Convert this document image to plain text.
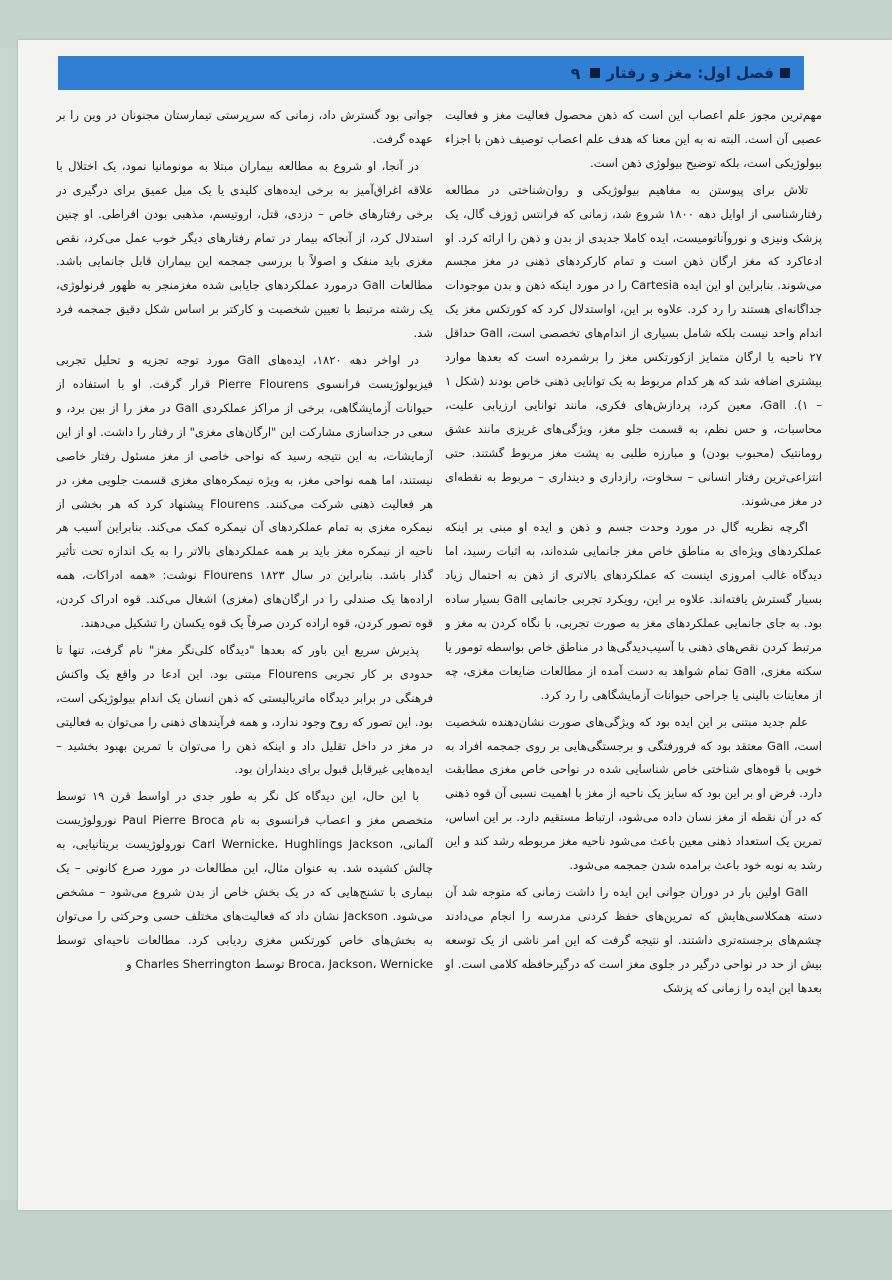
فصل اول: مغز و رفتار
۹

مهم‌ترین مجوز علم اعصاب این است که ذهن محصول فعالیت مغز و فعالیت عصبی آن است. البته نه به این معنا که هدف علم اعصاب توصیف ذهن با اجزاء بیولوژیکی است، بلکه توضیح بیولوژی ذهن است.

تلاش برای پیوستن به مفاهیم بیولوژیکی و روان‌شناختی در مطالعه رفتارشناسی از اوایل دهه ۱۸۰۰ شروع شد، زمانی که فرانتس ژوزف گال، یک پزشک ونیزی و نوروآناتومیست، ایده کاملا جدیدی از بدن و ذهن را ارائه کرد. او ادعاکرد که مغز ارگان ذهن است و تمام کارکردهای ذهنی در مغز مجسم می‌شوند. بنابراین او این ایده Cartesia را در مورد اینکه ذهن و بدن موجودات جداگانه‌ای هستند را رد کرد. علاوه بر این، اواستدلال کرد که کورتکس مغز یک اندام واحد نیست بلکه شامل بسیاری از اندام‌های تخصصی است، Gall حداقل ۲۷ ناحیه یا ارگان متمایز ازکورتکس مغز را برشمرده است که بعدها موارد بیشتری اضافه شد که هر کدام مربوط به یک توانایی ذهنی خاص بودند (شکل ۱ – ۱). Gall، معین کرد، پردازش‌های فکری، مانند توانایی ارزیابی علیت، محاسبات، و حس نظم، به قسمت جلو مغز، ویژگی‌های غریزی مانند عشق رومانتیک (محبوب بودن) و مبارزه طلبی به پشت مغز مربوط گشتند. حتی انتزاعی‌ترین رفتار انسانی – سخاوت، رازداری و دینداری – مربوط به نقطه‌ای در مغز می‌شوند.

اگرچه نظریه گال در مورد وحدت جسم و ذهن و ایده او مبنی بر اینکه عملکردهای ویژه‌ای به مناطق خاص مغز جانمایی شده‌اند، به اثبات رسید، اما دیدگاه غالب امروزی اینست که عملکردهای بالاتری از ذهن به احتمال زیاد بسیار گسترش یافته‌اند. علاوه بر این، رویکرد تجربی جانمایی Gall بسیار ساده بود. به جای جانمایی عملکردهای مغز به صورت تجربی، با نگاه کردن به مغز و مرتبط کردن نقص‌های ذهنی با آسیب‌دیدگی‌ها در مناطق خاص بواسطه تومور یا سکته مغزی، Gall تمام شواهد به دست آمده از مطالعات ضایعات مغزی، چه از معاینات بالینی یا جراحی حیوانات آزمایشگاهی را رد کرد.

علم جدید مبتنی بر این ایده بود که ویژگی‌های صورت نشان‌دهنده شخصیت است، Gall معتقد بود که فرورفتگی و برجستگی‌هایی بر روی جمجمه افراد به خوبی با قوه‌های شناختی خاص شناسایی شده در نواحی خاص مغزی مطابقت دارد. فرض او بر این بود که سایز یک ناحیه از مغز با اهمیت نسبی آن قوه ذهنی که در آن نقطه از مغز نسان داده می‌شود، ارتباط مستقیم دارد. بر این اساس، تمرین یک استعداد ذهنی معین باعث می‌شود ناحیه مغز مربوطه رشد کند و این رشد به نوبه خود باعث برامده شدن جمجمه می‌شود.

Gall اولین بار در دوران جوانی این ایده را داشت زمانی که متوجه شد آن دسته همکلاسی‌هایش که تمرین‌های حفظ کردنی مدرسه را انجام می‌دادند چشم‌های برجسته‌تری داشتند. او نتیجه گرفت که این امر ناشی از یک توسعه بیش از حد در نواحی درگیر در جلوی مغز است که درگیرحافظه کلامی است. او بعدها این ایده را زمانی که پزشک

جوانی بود گسترش داد، زمانی که سرپرستی تیمارستان مجنونان در وین را بر عهده گرفت.

در آنجا، او شروع به مطالعه بیماران مبتلا به مونومانیا نمود، یک اختلال با علاقه اغراق‌آمیز به برخی ایده‌های کلیدی یا یک میل عمیق برای درگیری در برخی رفتارهای خاص – دزدی، قتل، اروتیسم، مذهبی بودن افراطی. او چنین استدلال کرد، از آنجاکه بیمار در تمام رفتارهای دیگر خوب عمل می‌کرد، نقص مغزی باید منفک و اصولاً با بررسی جمجمه این بیماران قابل جانمایی باشد. مطالعات Gall درمورد عملکردهای جایابی شده مغزمنجر به ظهور فرنولوژی، یک رشته مرتبط با تعیین شخصیت و کارکتر بر اساس شکل دقیق جمجمه فرد شد.

در اواخر دهه ۱۸۲۰، ایده‌های Gall مورد توجه تجزیه و تحلیل تجربی فیزیولوژیست فرانسوی Pierre Flourens قرار گرفت. او با استفاده از حیوانات آزمایشگاهی، برخی از مراکز عملکردی Gall در مغز را از بین برد، و سعی در جداسازی مشارکت این "ارگان‌های مغزی" از رفتار را داشت. او از این آزمایشات، به این نتیجه رسید که نواحی خاصی از مغز مسئول رفتار خاصی نیستند، اما همه نواحی مغز، به ویژه نیمکره‌های مغزی قسمت جلویی مغز، در هر فعالیت ذهنی شرکت می‌کنند. Flourens پیشنهاد کرد که هر بخشی از نیمکره مغزی به تمام عملکردهای آن نیمکره کمک می‌کند. بنابراین آسیب هر ناحیه از نیمکره مغز باید بر همه عملکردهای بالاتر را به یک اندازه تحت تأثیر گذار باشد. بنابراین در سال ۱۸۲۳ Flourens نوشت: «همه ادراکات، همه اراده‌ها یک صندلی را در ارگان‌های (مغزی) اشغال می‌کند. قوه ادراک کردن، قوه تصور کردن، قوه اراده کردن صرفاً یک قوه یکسان را تشکیل می‌دهند.

پذیرش سریع این باور که بعدها "دیدگاه کلی‌نگر مغز" نام گرفت، تنها تا حدودی بر کار تجربی Flourens مبتنی بود. این ادعا در واقع یک واکنش فرهنگی در برابر دیدگاه ماتریالیستی که ذهن انسان یک اندام بیولوژیکی است، بود. این تصور که روح وجود ندارد، و همه فرآیندهای ذهنی را می‌توان به فعالیتی در مغز در داخل تقلیل داد و اینکه ذهن را می‌توان با تمرین بهبود بخشید – ایده‌هایی غیرقابل قبول برای دینداران بود.

با این حال، این دیدگاه کل نگر به طور جدی در اواسط قرن ۱۹ توسط متخصص مغز و اعصاب فرانسوی به نام Paul Pierre Broca نورولوژیست آلمانی، Carl Wernicke، Hughlings Jackson نورولوژیست بریتانیایی، به چالش کشیده شد. به عنوان مثال، این مطالعات در مورد صرع کانونی – یک بیماری با تشنج‌هایی که در یک بخش خاص از بدن شروع می‌شود – مشخص می‌شود. Jackson نشان داد که فعالیت‌های مختلف حسی وحرکتی را می‌توان به بخش‌های خاص کورتکس مغزی ردیابی کرد. مطالعات ناحیه‌ای توسط Broca، Jackson، Wernicke توسط Charles Sherrington و
